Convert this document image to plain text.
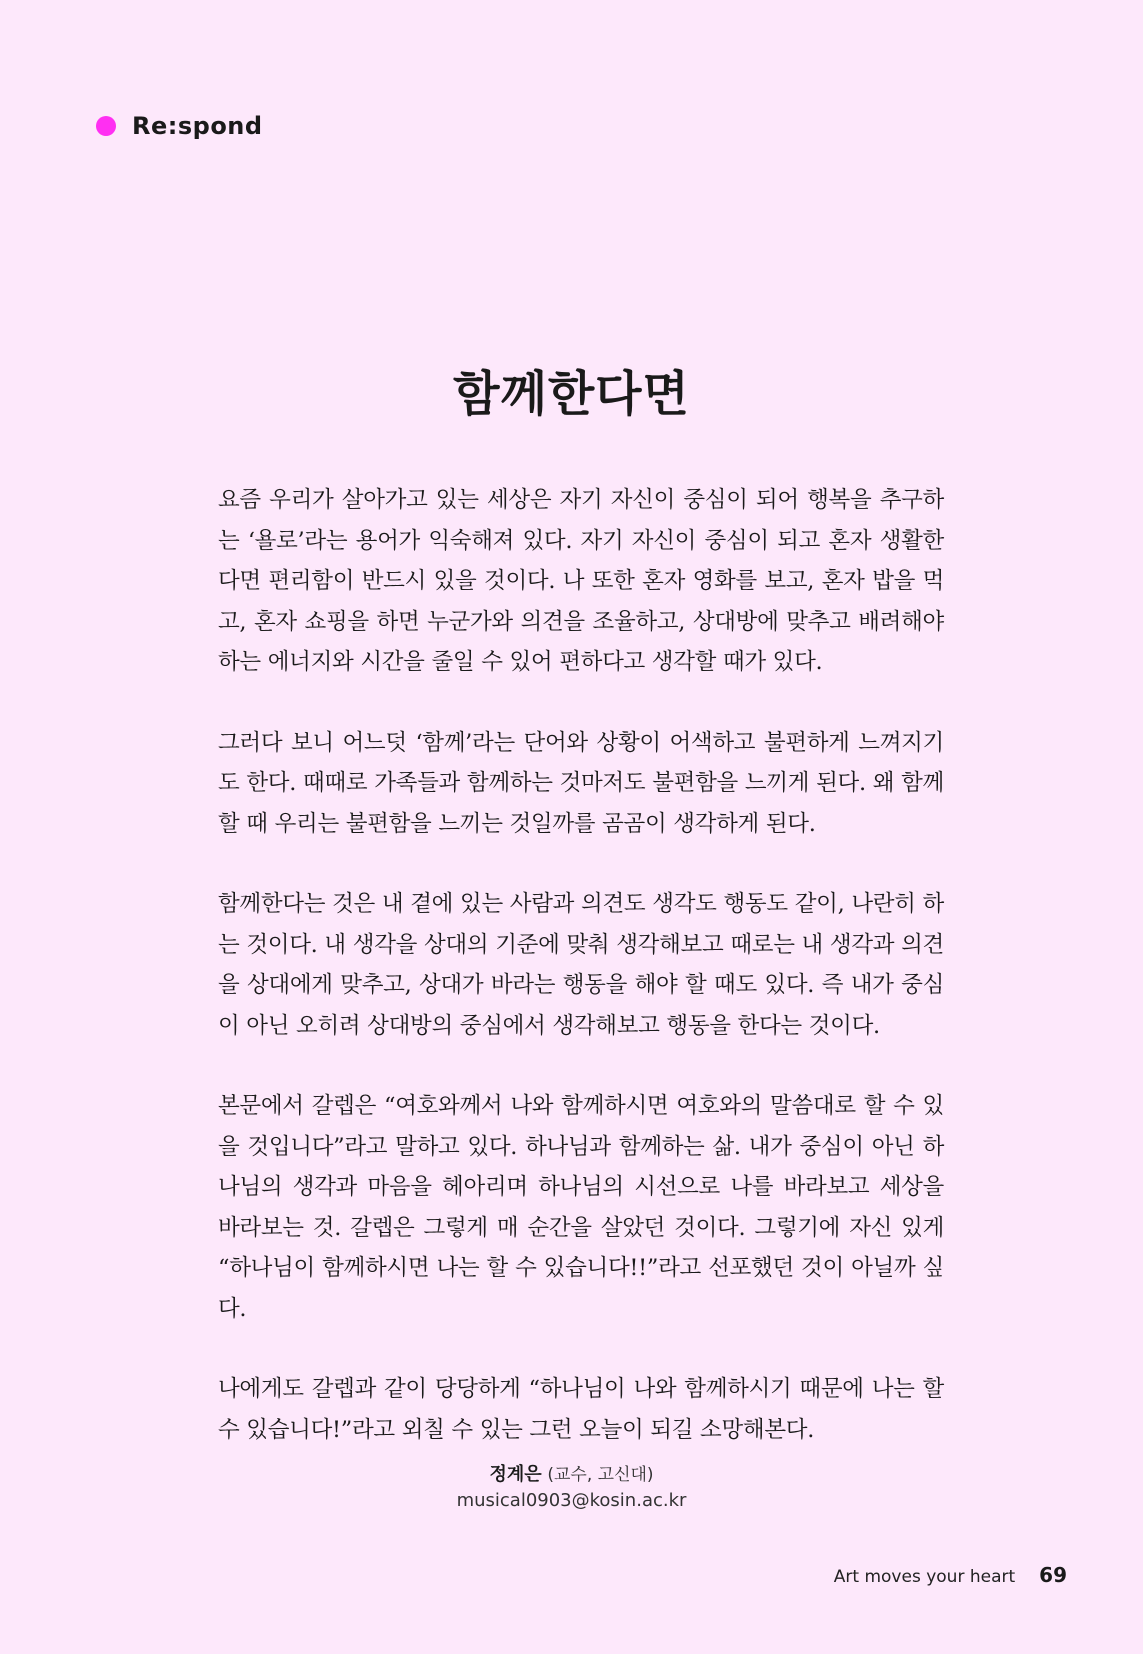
Re:spond
함께한다면

요즘 우리가 살아가고 있는 세상은 자기 자신이 중심이 되어 행복을 추구하는 ‘욜로’라는 용어가 익숙해져 있다. 자기 자신이 중심이 되고 혼자 생활한다면 편리함이 반드시 있을 것이다. 나 또한 혼자 영화를 보고, 혼자 밥을 먹고, 혼자 쇼핑을 하면 누군가와 의견을 조율하고, 상대방에 맞추고 배려해야 하는 에너지와 시간을 줄일 수 있어 편하다고 생각할 때가 있다.

그러다 보니 어느덧 ‘함께’라는 단어와 상황이 어색하고 불편하게 느껴지기도 한다. 때때로 가족들과 함께하는 것마저도 불편함을 느끼게 된다. 왜 함께할 때 우리는 불편함을 느끼는 것일까를 곰곰이 생각하게 된다.

함께한다는 것은 내 곁에 있는 사람과 의견도 생각도 행동도 같이, 나란히 하는 것이다. 내 생각을 상대의 기준에 맞춰 생각해보고 때로는 내 생각과 의견을 상대에게 맞추고, 상대가 바라는 행동을 해야 할 때도 있다. 즉 내가 중심이 아닌 오히려 상대방의 중심에서 생각해보고 행동을 한다는 것이다.

본문에서 갈렙은 “여호와께서 나와 함께하시면 여호와의 말씀대로 할 수 있을 것입니다”라고 말하고 있다. 하나님과 함께하는 삶. 내가 중심이 아닌 하나님의 생각과 마음을 헤아리며 하나님의 시선으로 나를 바라보고 세상을 바라보는 것. 갈렙은 그렇게 매 순간을 살았던 것이다. 그렇기에 자신 있게 “하나님이 함께하시면 나는 할 수 있습니다!!”라고 선포했던 것이 아닐까 싶다.

나에게도 갈렙과 같이 당당하게 “하나님이 나와 함께하시기 때문에 나는 할 수 있습니다!”라고 외칠 수 있는 그런 오늘이 되길 소망해본다.

정계은 (교수, 고신대)
musical0903@kosin.ac.kr
Art moves your heart 69
